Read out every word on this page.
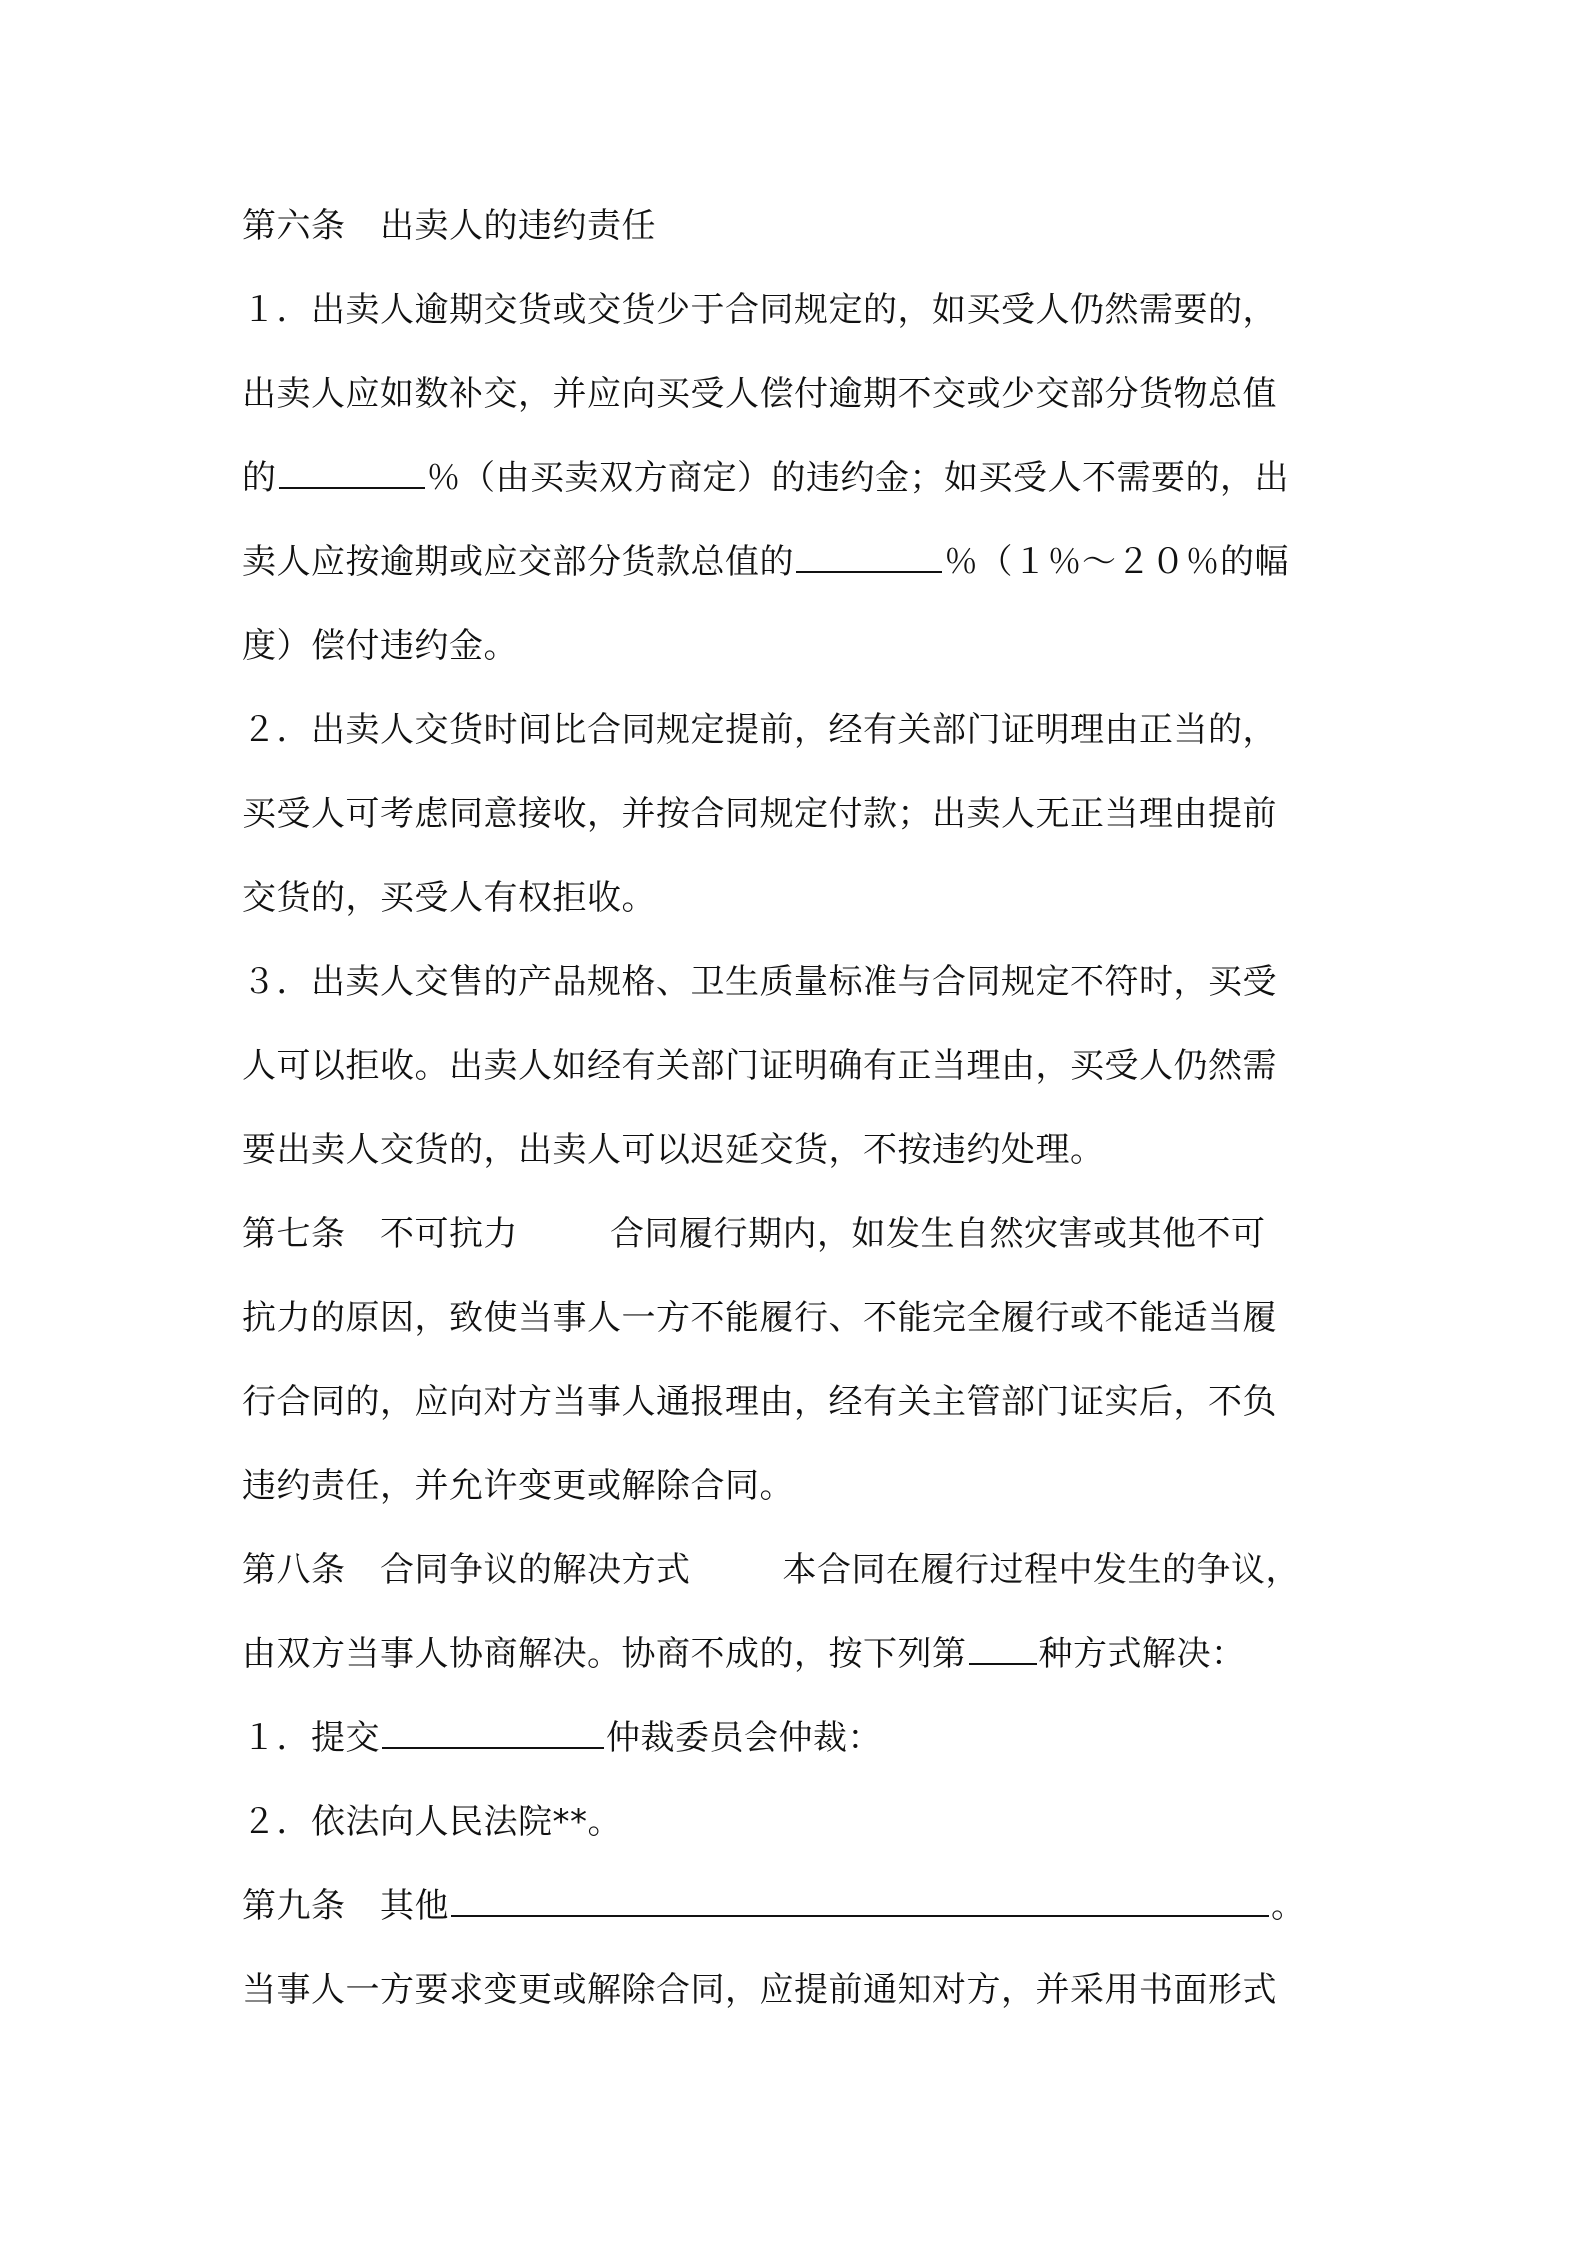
第六条　出卖人的违约责任
１．出卖人逾期交货或交货少于合同规定的，如买受人仍然需要的，
出卖人应如数补交，并应向买受人偿付逾期不交或少交部分货物总值
的	％（由买卖双方商定）的违约金；如买受人不需要的，出
卖人应按逾期或应交部分货款总值的	％（１％～２０％的幅
度）偿付违约金。
２．出卖人交货时间比合同规定提前，经有关部门证明理由正当的，
买受人可考虑同意接收，并按合同规定付款；出卖人无正当理由提前
交货的，买受人有权拒收。
３．出卖人交售的产品规格、卫生质量标准与合同规定不符时，买受
人可以拒收。出卖人如经有关部门证明确有正当理由，买受人仍然需
要出卖人交货的，出卖人可以迟延交货，不按违约处理。
第七条　不可抗力	合同履行期内，如发生自然灾害或其他不可
抗力的原因，致使当事人一方不能履行、不能完全履行或不能适当履
行合同的，应向对方当事人通报理由，经有关主管部门证实后，不负
违约责任，并允许变更或解除合同。
第八条　合同争议的解决方式	本合同在履行过程中发生的争议，
由双方当事人协商解决。协商不成的，按下列第 种方式解决：
１．提交	仲裁委员会仲裁：
２．依法向人民法院**。
第九条　其他	。
当事人一方要求变更或解除合同，应提前通知对方，并采用书面形式
